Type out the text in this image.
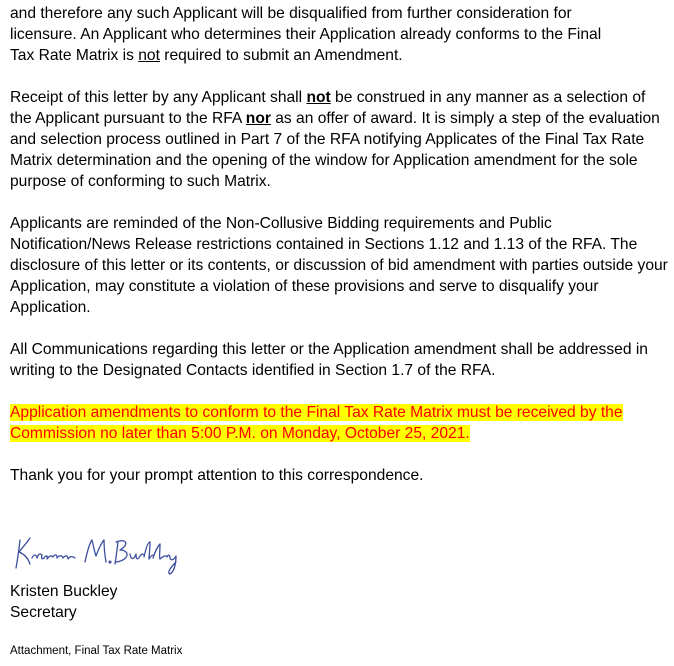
and therefore any such Applicant will be disqualified from further consideration for
licensure. An Applicant who determines their Application already conforms to the Final
Tax Rate Matrix is not required to submit an Amendment.

Receipt of this letter by any Applicant shall not be construed in any manner as a selection of the Applicant pursuant to the RFA nor as an offer of award. It is simply a step of the evaluation and selection process outlined in Part 7 of the RFA notifying Applicates of the Final Tax Rate Matrix determination and the opening of the window for Application amendment for the sole purpose of conforming to such Matrix.

Applicants are reminded of the Non-Collusive Bidding requirements and Public Notification/News Release restrictions contained in Sections 1.12 and 1.13 of the RFA. The disclosure of this letter or its contents, or discussion of bid amendment with parties outside your Application, may constitute a violation of these provisions and serve to disqualify your Application.

All Communications regarding this letter or the Application amendment shall be addressed in writing to the Designated Contacts identified in Section 1.7 of the RFA.

Application amendments to conform to the Final Tax Rate Matrix must be received by the Commission no later than 5:00 P.M. on Monday, October 25, 2021.

Thank you for your prompt attention to this correspondence.

Kristen M. Buckley
Kristen Buckley
Secretary
Attachment, Final Tax Rate Matrix
